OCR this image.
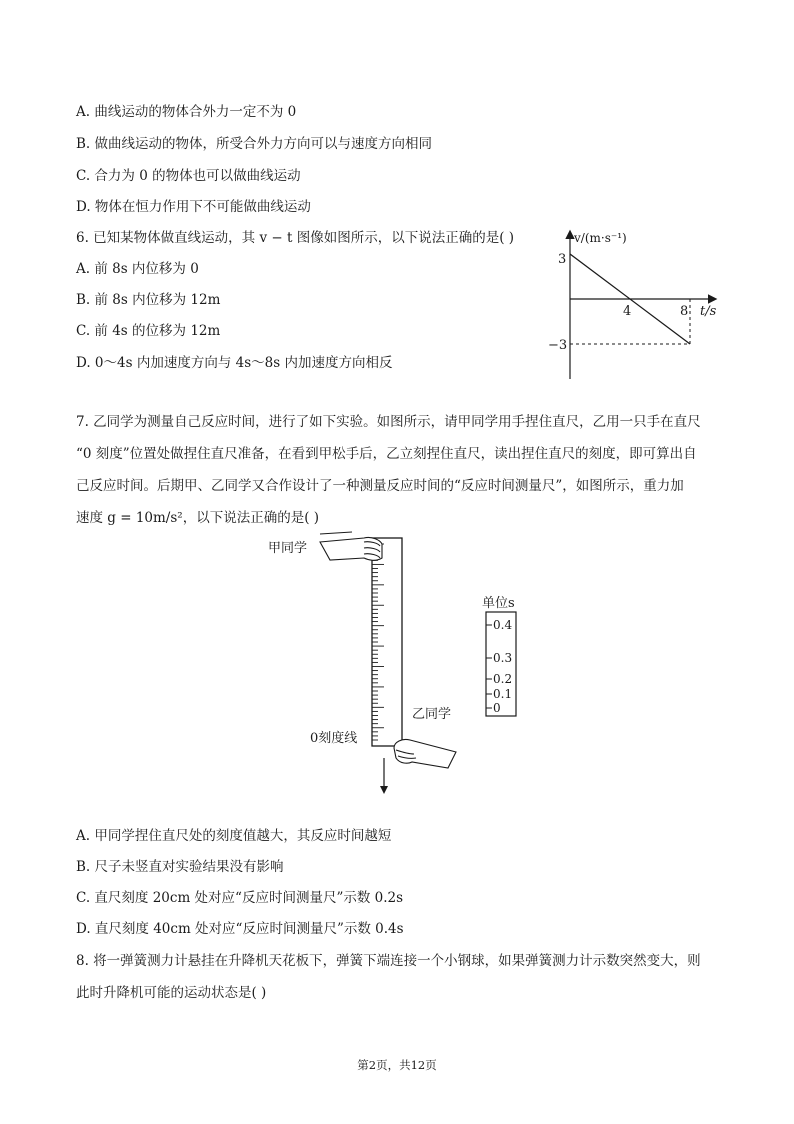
A. 曲线运动的物体合外力一定不为 0
B. 做曲线运动的物体，所受合外力方向可以与速度方向相同
C. 合力为 0 的物体也可以做曲线运动
D. 物体在恒力作用下不可能做曲线运动
6. 已知某物体做直线运动，其 v − t 图像如图所示，以下说法正确的是( )
A. 前 8s 内位移为 0
B. 前 8s 内位移为 12m
C. 前 4s 的位移为 12m
D. 0～4s 内加速度方向与 4s～8s 内加速度方向相反
v/(m·s⁻¹)
t/s
3
−3
4	8

7. 乙同学为测量自己反应时间，进行了如下实验。如图所示，请甲同学用手捏住直尺，乙用一只手在直尺

“0 刻度”位置处做捏住直尺准备，在看到甲松手后，乙立刻捏住直尺，读出捏住直尺的刻度，即可算出自

己反应时间。后期甲、乙同学又合作设计了一种测量反应时间的“反应时间测量尺”，如图所示，重力加

速度 g = 10m/s²，以下说法正确的是( )

甲同学
乙同学
0刻度线
单位s
0.4
0.3
0.2
0.1
0
A. 甲同学捏住直尺处的刻度值越大，其反应时间越短
B. 尺子未竖直对实验结果没有影响
C. 直尺刻度 20cm 处对应“反应时间测量尺”示数 0.2s
D. 直尺刻度 40cm 处对应“反应时间测量尺”示数 0.4s

8. 将一弹簧测力计悬挂在升降机天花板下，弹簧下端连接一个小钢球，如果弹簧测力计示数突然变大，则

此时升降机可能的运动状态是( )

第2页，共12页
